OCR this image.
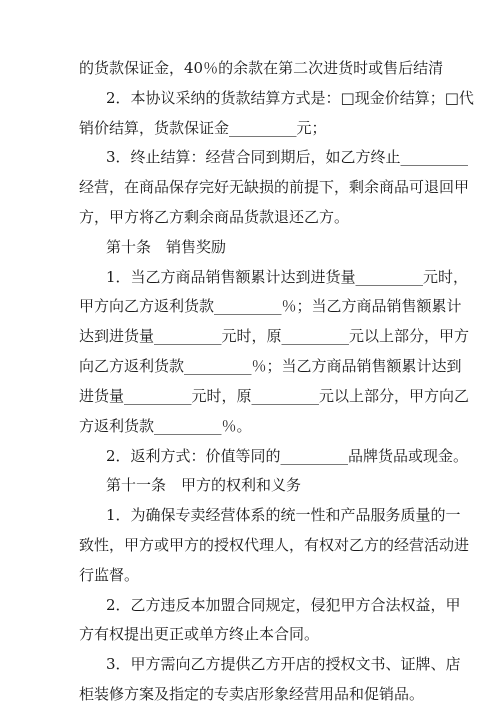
的货款保证金，40％的余款在第二次进货时或售后结清
2．本协议采纳的货款结算方式是：□现金价结算；□代
销价结算，货款保证金_________元；
3．终止结算：经营合同到期后，如乙方终止_________
经营，在商品保存完好无缺损的前提下，剩余商品可退回甲
方，甲方将乙方剩余商品货款退还乙方。
第十条　销售奖励
1．当乙方商品销售额累计达到进货量_________元时，
甲方向乙方返利货款_________％；当乙方商品销售额累计
达到进货量_________元时，原_________元以上部分，甲方
向乙方返利货款_________％；当乙方商品销售额累计达到
进货量_________元时，原_________元以上部分，甲方向乙
方返利货款_________％。
2．返利方式：价值等同的_________品牌货品或现金。
第十一条　甲方的权利和义务
1．为确保专卖经营体系的统一性和产品服务质量的一
致性，甲方或甲方的授权代理人，有权对乙方的经营活动进
行监督。
2．乙方违反本加盟合同规定，侵犯甲方合法权益，甲
方有权提出更正或单方终止本合同。
3．甲方需向乙方提供乙方开店的授权文书、证牌、店
柜装修方案及指定的专卖店形象经营用品和促销品。
